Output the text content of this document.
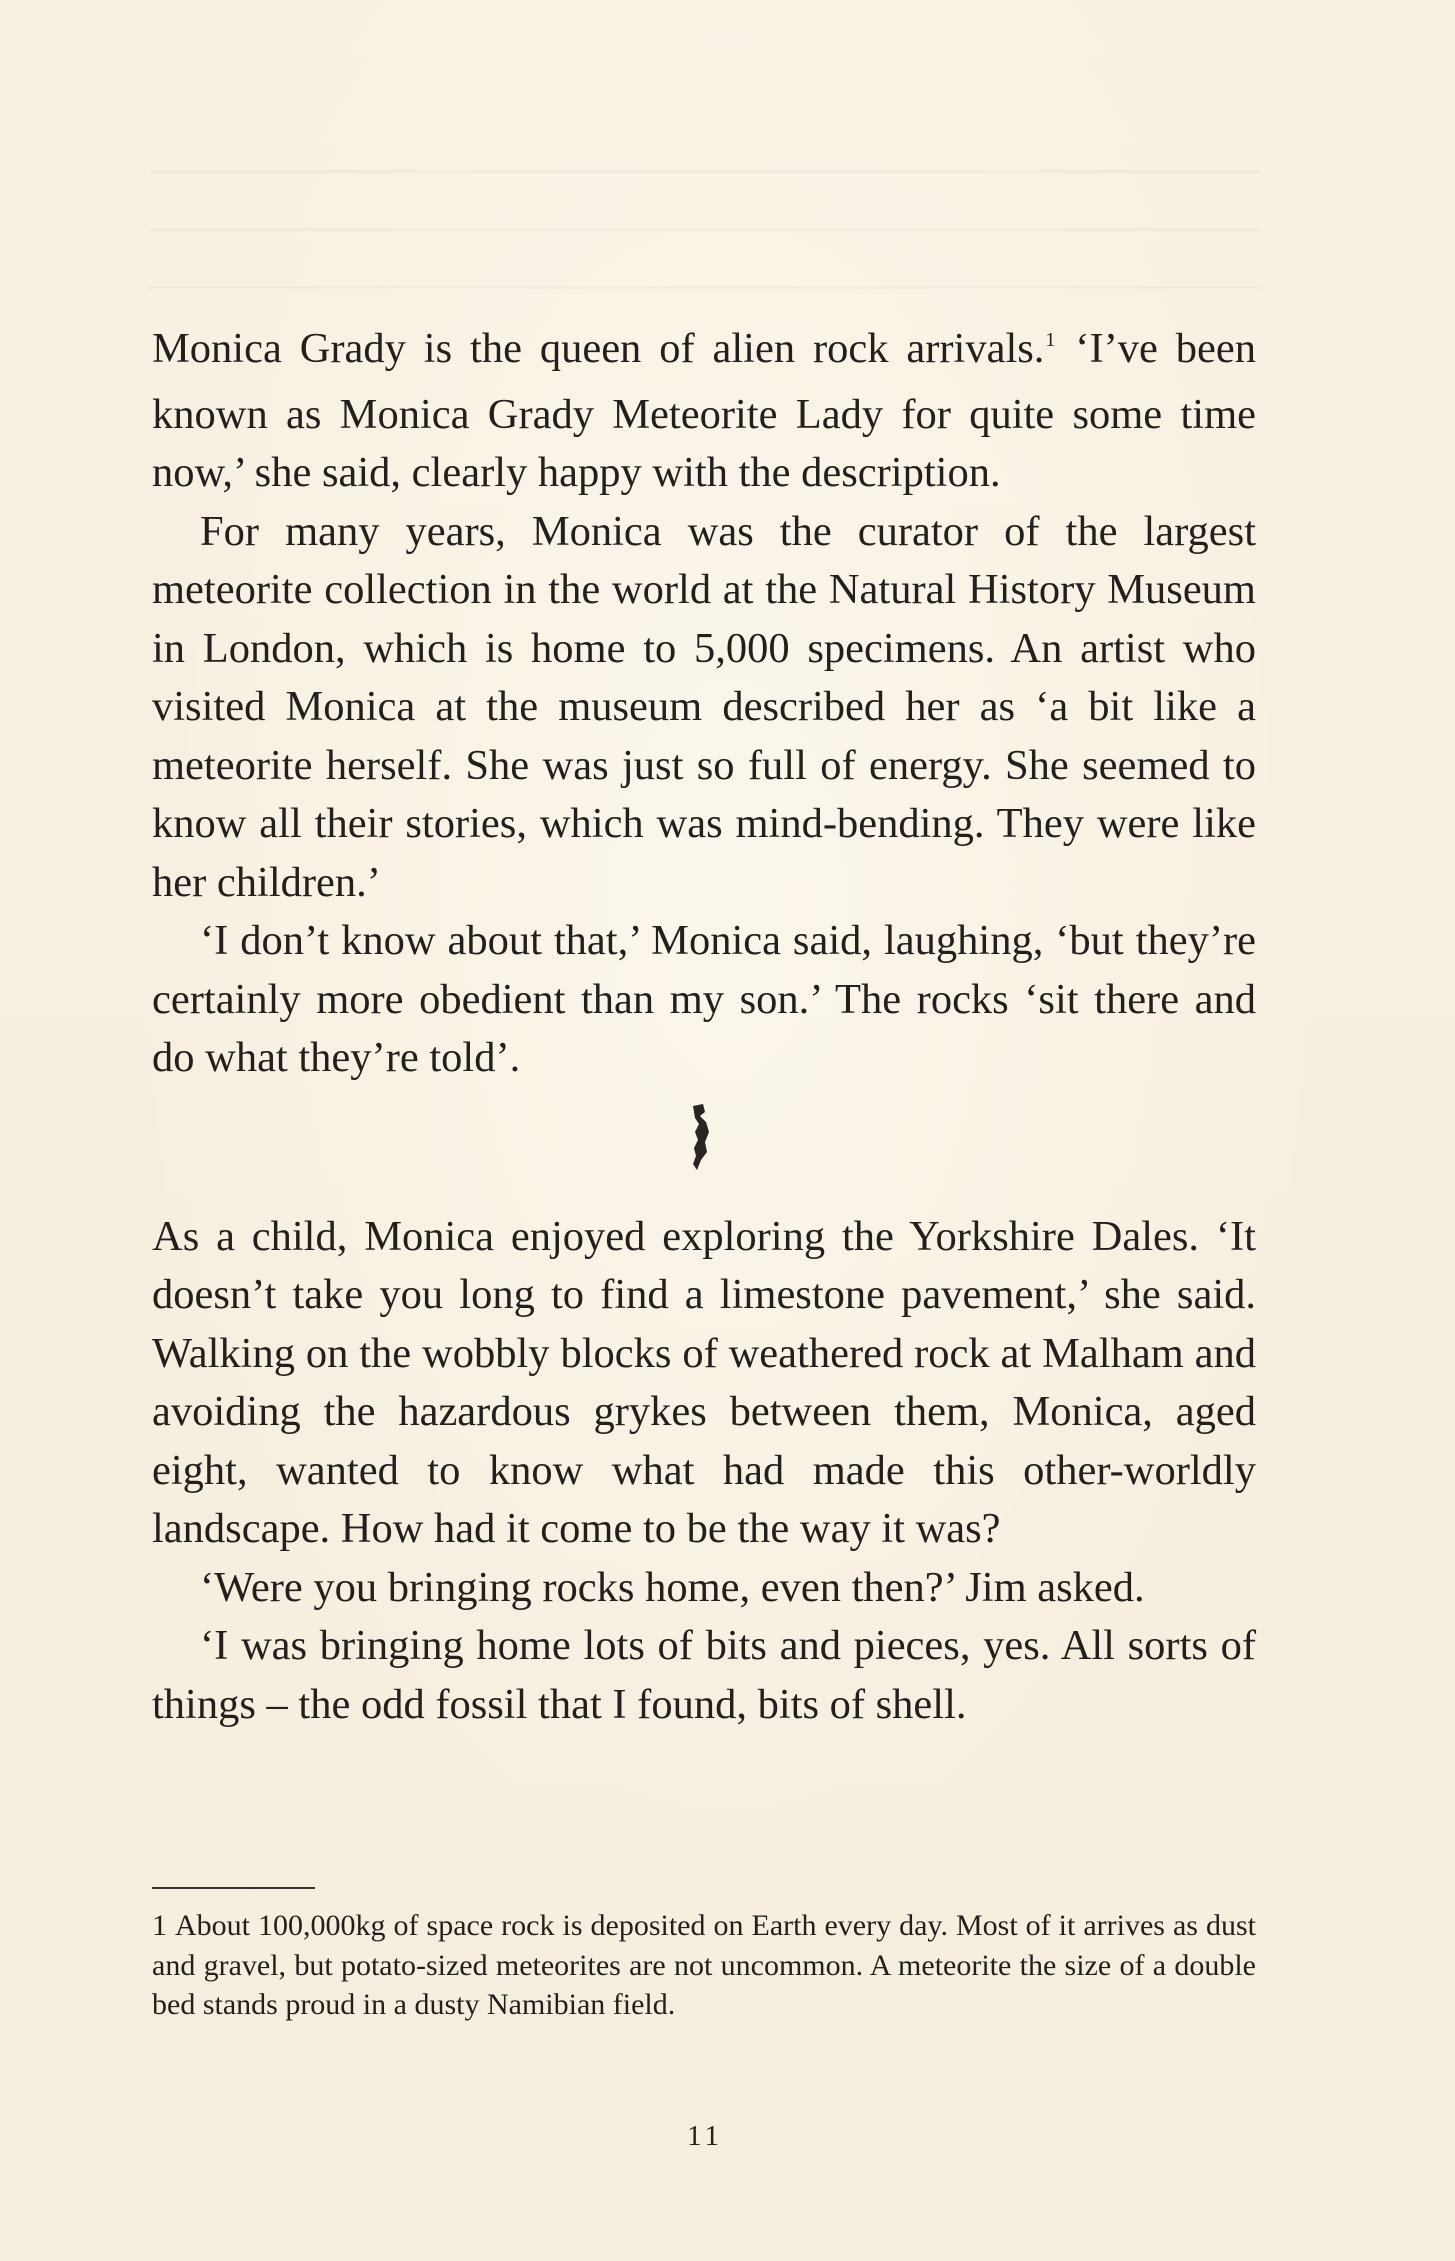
Monica Grady is the queen of alien rock arrivals.$^1$ ‘I’ve been known as Monica Grady Meteorite Lady for quite some time now,’ she said, clearly happy with the description.

For many years, Monica was the curator of the largest meteorite collection in the world at the Natural History Museum in London, which is home to 5,000 specimens. An artist who visited Monica at the museum described her as ‘a bit like a meteorite herself. She was just so full of energy. She seemed to know all their stories, which was mind-bending. They were like her children.’

‘I don’t know about that,’ Monica said, laughing, ‘but they’re certainly more obedient than my son.’ The rocks ‘sit there and do what they’re told’.

As a child, Monica enjoyed exploring the Yorkshire Dales. ‘It doesn’t take you long to find a limestone pavement,’ she said. Walking on the wobbly blocks of weathered rock at Malham and avoiding the hazardous grykes between them, Monica, aged eight, wanted to know what had made this other-worldly landscape. How had it come to be the way it was?

‘Were you bringing rocks home, even then?’ Jim asked.

‘I was bringing home lots of bits and pieces, yes. All sorts of things – the odd fossil that I found, bits of shell.

1 About 100,000kg of space rock is deposited on Earth every day. Most of it arrives as dust and gravel, but potato-sized meteorites are not uncommon. A meteorite the size of a double bed stands proud in a dusty Namibian field.

11
